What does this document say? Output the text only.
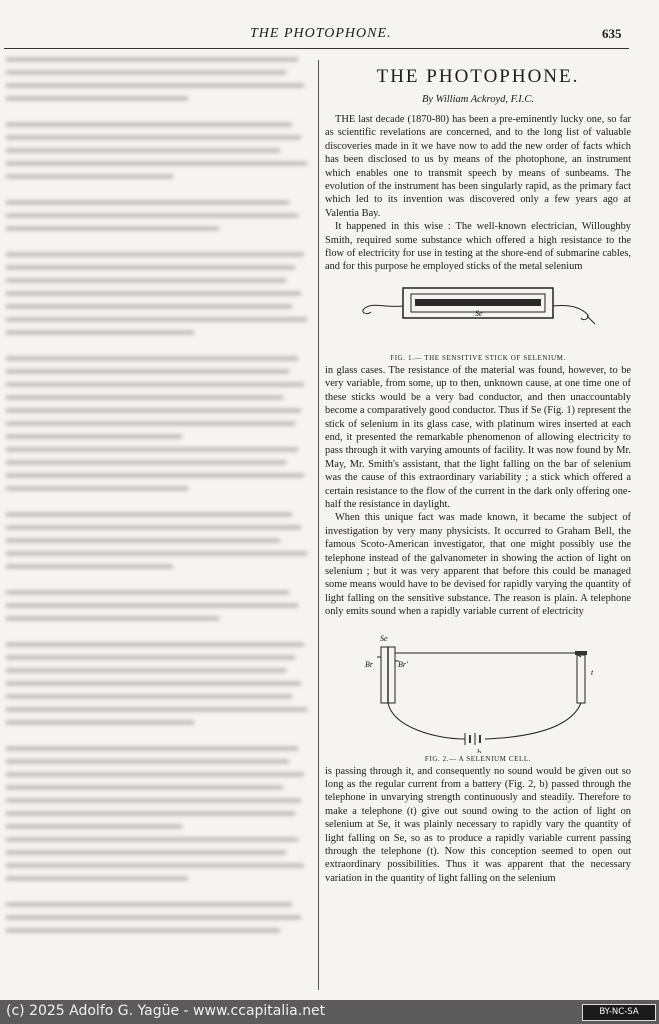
THE PHOTOPHONE.	635
THE PHOTOPHONE.
By William Ackroyd, F.I.C.

THE last decade (1870-80) has been a pre-eminently lucky one, so far as scientific revelations are concerned, and to the long list of valuable discoveries made in it we have now to add the new order of facts which has been disclosed to us by means of the photophone, an instrument which enables one to transmit speech by means of sunbeams. The evolution of the instrument has been singularly rapid, as the primary fact which led to its invention was discovered only a few years ago at Valentia Bay.

It happened in this wise : The well-known electrician, Willoughby Smith, required some substance which offered a high resistance to the flow of electricity for use in testing at the shore-end of submarine cables, and for this purpose he employed sticks of the metal selenium

Se
FIG. 1.— THE SENSITIVE STICK OF SELENIUM.

in glass cases. The resistance of the material was found, however, to be very variable, from some, up to then, unknown cause, at one time one of these sticks would be a very bad conductor, and then unaccountably become a comparatively good conductor. Thus if Se (Fig. 1) represent the stick of selenium in its glass case, with platinum wires inserted at each end, it presented the remarkable phenomenon of allowing electricity to pass through it with varying amounts of facility. It was now found by Mr. May, Mr. Smith's assistant, that the light falling on the bar of selenium was the cause of this extraordinary variability ; a stick which offered a certain resistance to the flow of the current in the dark only offering one-half the resistance in daylight.

When this unique fact was made known, it became the subject of investigation by very many physicists. It occurred to Graham Bell, the famous Scoto-American investigator, that one might possibly use the telephone instead of the galvanometer in showing the action of light on selenium ; but it was very apparent that before this could be managed some means would have to be devised for rapidly varying the quantity of light falling on the sensitive substance. The reason is plain. A telephone only emits sound when a rapidly variable current of electricity

Se
Br	Br'
t
b
FIG. 2.— A SELENIUM CELL.

is passing through it, and consequently no sound would be given out so long as the regular current from a battery (Fig. 2, b) passed through the telephone in unvarying strength continuously and steadily. Therefore to make a telephone (t) give out sound owing to the action of light on selenium at Se, it was plainly necessary to rapidly vary the quantity of light falling on Se, so as to produce a rapidly variable current passing through the telephone (t). Now this conception seemed to open out extraordinary possibilities. Thus it was apparent that the necessary variation in the quantity of light falling on the selenium

(c) 2025 Adolfo G. Yagüe - www.ccapitalia.net	BY-NC-SA
